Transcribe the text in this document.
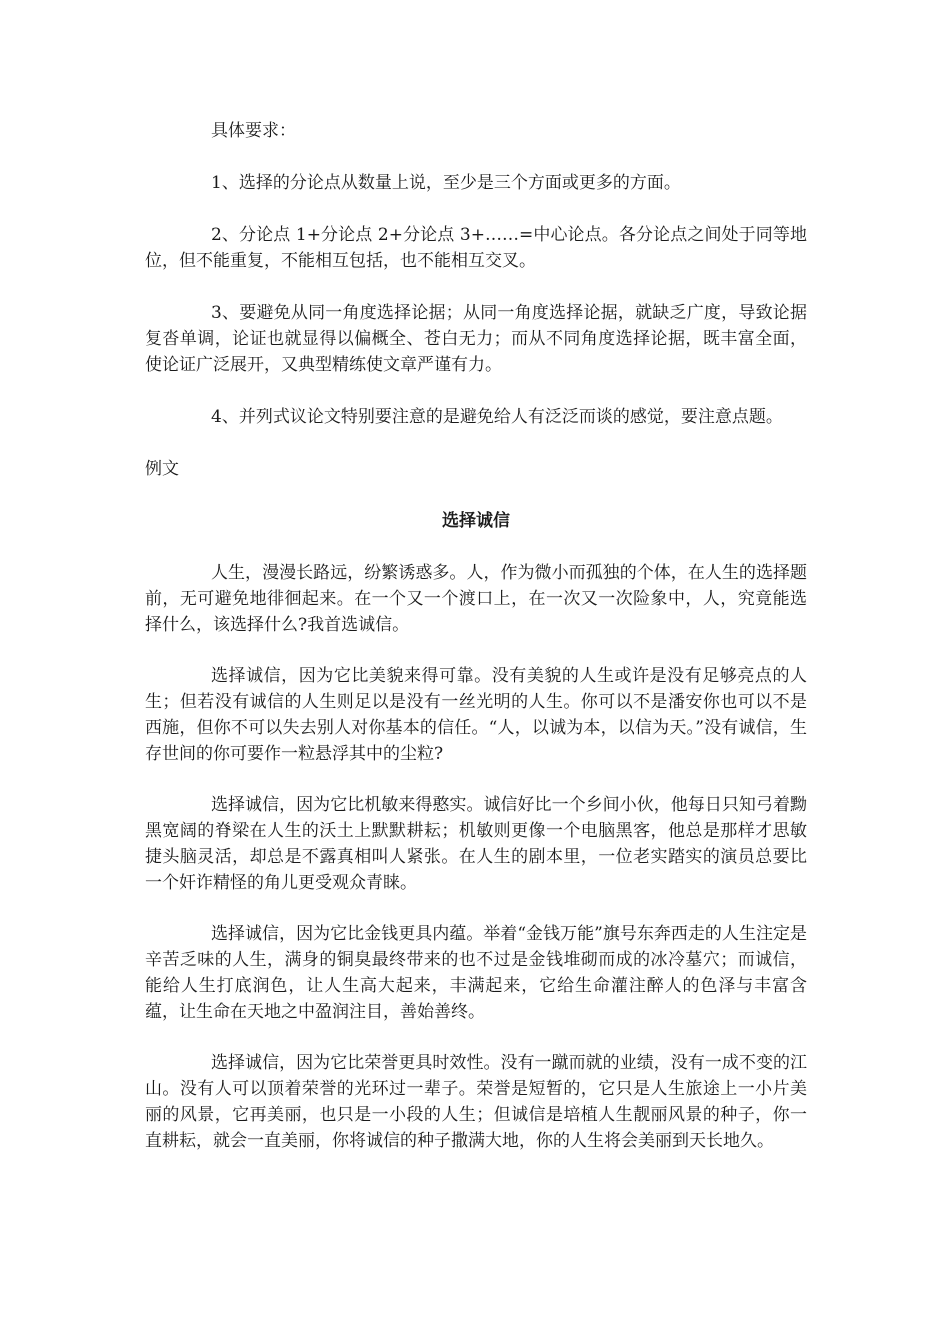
具体要求：

1、选择的分论点从数量上说，至少是三个方面或更多的方面。

2、分论点 1+分论点 2+分论点 3+……=中心论点。各分论点之间处于同等地位，但不能重复，不能相互包括，也不能相互交叉。

3、要避免从同一角度选择论据；从同一角度选择论据，就缺乏广度，导致论据复沓单调，论证也就显得以偏概全、苍白无力；而从不同角度选择论据，既丰富全面，使论证广泛展开，又典型精练使文章严谨有力。

4、并列式议论文特别要注意的是避免给人有泛泛而谈的感觉，要注意点题。

例文

选择诚信

人生，漫漫长路远，纷繁诱惑多。人，作为微小而孤独的个体，在人生的选择题前，无可避免地徘徊起来。在一个又一个渡口上，在一次又一次险象中，人，究竟能选择什么，该选择什么?我首选诚信。

选择诚信，因为它比美貌来得可靠。没有美貌的人生或许是没有足够亮点的人生；但若没有诚信的人生则足以是没有一丝光明的人生。你可以不是潘安你也可以不是西施，但你不可以失去别人对你基本的信任。“人，以诚为本，以信为天。”没有诚信，生存世间的你可要作一粒悬浮其中的尘粒?

选择诚信，因为它比机敏来得憨实。诚信好比一个乡间小伙，他每日只知弓着黝黑宽阔的脊梁在人生的沃土上默默耕耘；机敏则更像一个电脑黑客，他总是那样才思敏捷头脑灵活，却总是不露真相叫人紧张。在人生的剧本里，一位老实踏实的演员总要比一个奸诈精怪的角儿更受观众青睐。

选择诚信，因为它比金钱更具内蕴。举着“金钱万能”旗号东奔西走的人生注定是辛苦乏味的人生，满身的铜臭最终带来的也不过是金钱堆砌而成的冰冷墓穴；而诚信，能给人生打底润色，让人生高大起来，丰满起来，它给生命灌注醉人的色泽与丰富含蕴，让生命在天地之中盈润注目，善始善终。

选择诚信，因为它比荣誉更具时效性。没有一蹴而就的业绩，没有一成不变的江山。没有人可以顶着荣誉的光环过一辈子。荣誉是短暂的，它只是人生旅途上一小片美丽的风景，它再美丽，也只是一小段的人生；但诚信是培植人生靓丽风景的种子，你一直耕耘，就会一直美丽，你将诚信的种子撒满大地，你的人生将会美丽到天长地久。
